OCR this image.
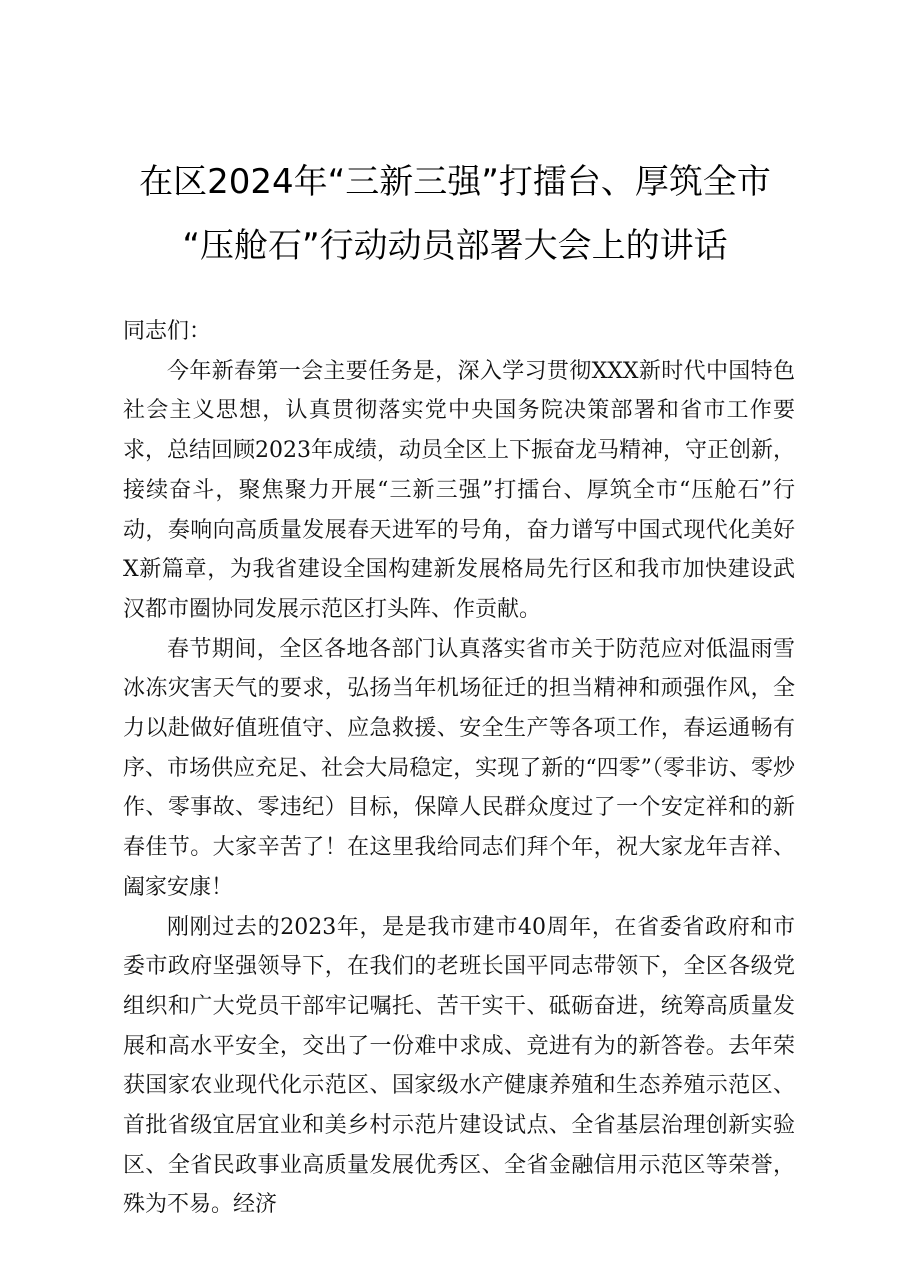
在区2024年“三新三强”打擂台、厚筑全市
“压舱石”行动动员部署大会上的讲话

同志们：

今年新春第一会主要任务是，深入学习贯彻XXX新时代中国特色社会主义思想，认真贯彻落实党中央国务院决策部署和省市工作要求，总结回顾2023年成绩，动员全区上下振奋龙马精神，守正创新，接续奋斗，聚焦聚力开展“三新三强”打擂台、厚筑全市“压舱石”行动，奏响向高质量发展春天进军的号角，奋力谱写中国式现代化美好X新篇章，为我省建设全国构建新发展格局先行区和我市加快建设武汉都市圈协同发展示范区打头阵、作贡献。

春节期间，全区各地各部门认真落实省市关于防范应对低温雨雪冰冻灾害天气的要求，弘扬当年机场征迁的担当精神和顽强作风，全力以赴做好值班值守、应急救援、安全生产等各项工作，春运通畅有序、市场供应充足、社会大局稳定，实现了新的“四零”（零非访、零炒作、零事故、零违纪）目标，保障人民群众度过了一个安定祥和的新春佳节。大家辛苦了！在这里我给同志们拜个年，祝大家龙年吉祥、阖家安康！

刚刚过去的2023年，是是我市建市40周年，在省委省政府和市委市政府坚强领导下，在我们的老班长国平同志带领下，全区各级党组织和广大党员干部牢记嘱托、苦干实干、砥砺奋进，统筹高质量发展和高水平安全，交出了一份难中求成、竞进有为的新答卷。去年荣获国家农业现代化示范区、国家级水产健康养殖和生态养殖示范区、首批省级宜居宜业和美乡村示范片建设试点、全省基层治理创新实验区、全省民政事业高质量发展优秀区、全省金融信用示范区等荣誉，殊为不易。经济
